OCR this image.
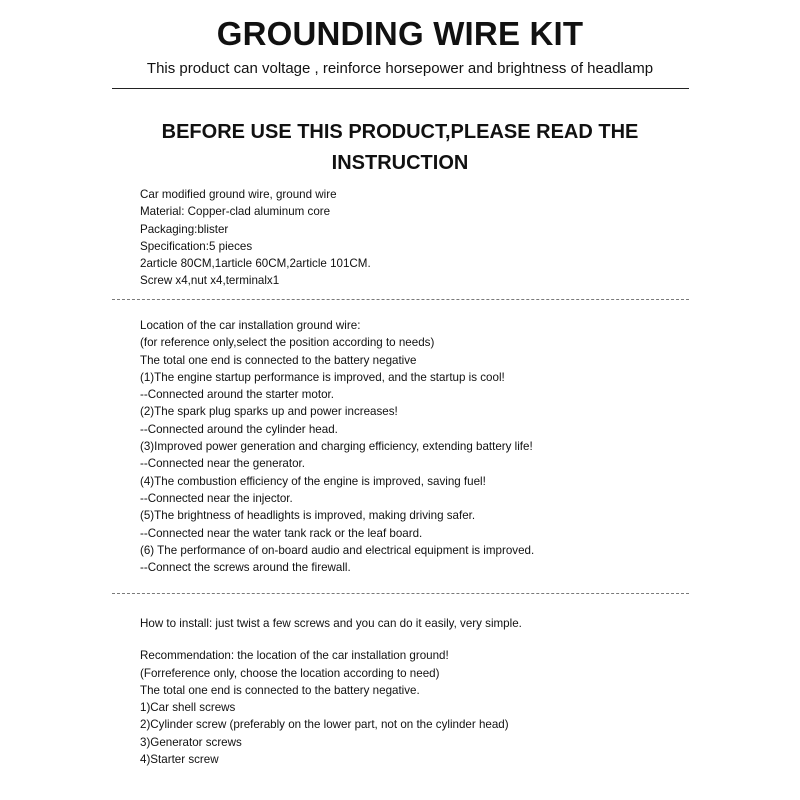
GROUNDING WIRE KIT
This product can voltage , reinforce horsepower and brightness of headlamp
BEFORE USE THIS PRODUCT,PLEASE READ THE
INSTRUCTION
Car modified ground wire, ground wire
Material: Copper-clad aluminum core
Packaging:blister
Specification:5 pieces
2article 80CM,1article 60CM,2article 101CM.
Screw x4,nut x4,terminalx1
Location of the car installation ground wire:
(for reference only,select the position according to needs)
The total one end is connected to the battery negative
(1)The engine startup performance is improved, and the startup is cool!
--Connected around the starter motor.
(2)The spark plug sparks up and power increases!
--Connected around the cylinder head.
(3)Improved power generation and charging efficiency, extending battery life!
--Connected near the generator.
(4)The combustion efficiency of the engine is improved, saving fuel!
--Connected near the injector.
(5)The brightness of headlights is improved, making driving safer.
--Connected near the water tank rack or the leaf board.
(6) The performance of on-board audio and electrical equipment is improved.
--Connect the screws around the firewall.
How to install: just twist a few screws and you can do it easily, very simple.
Recommendation: the location of the car installation ground!
(Forreference only, choose the location according to need)
The total one end is connected to the battery negative.
1)Car shell screws
2)Cylinder screw (preferably on the lower part, not on the cylinder head)
3)Generator screws
4)Starter screw
